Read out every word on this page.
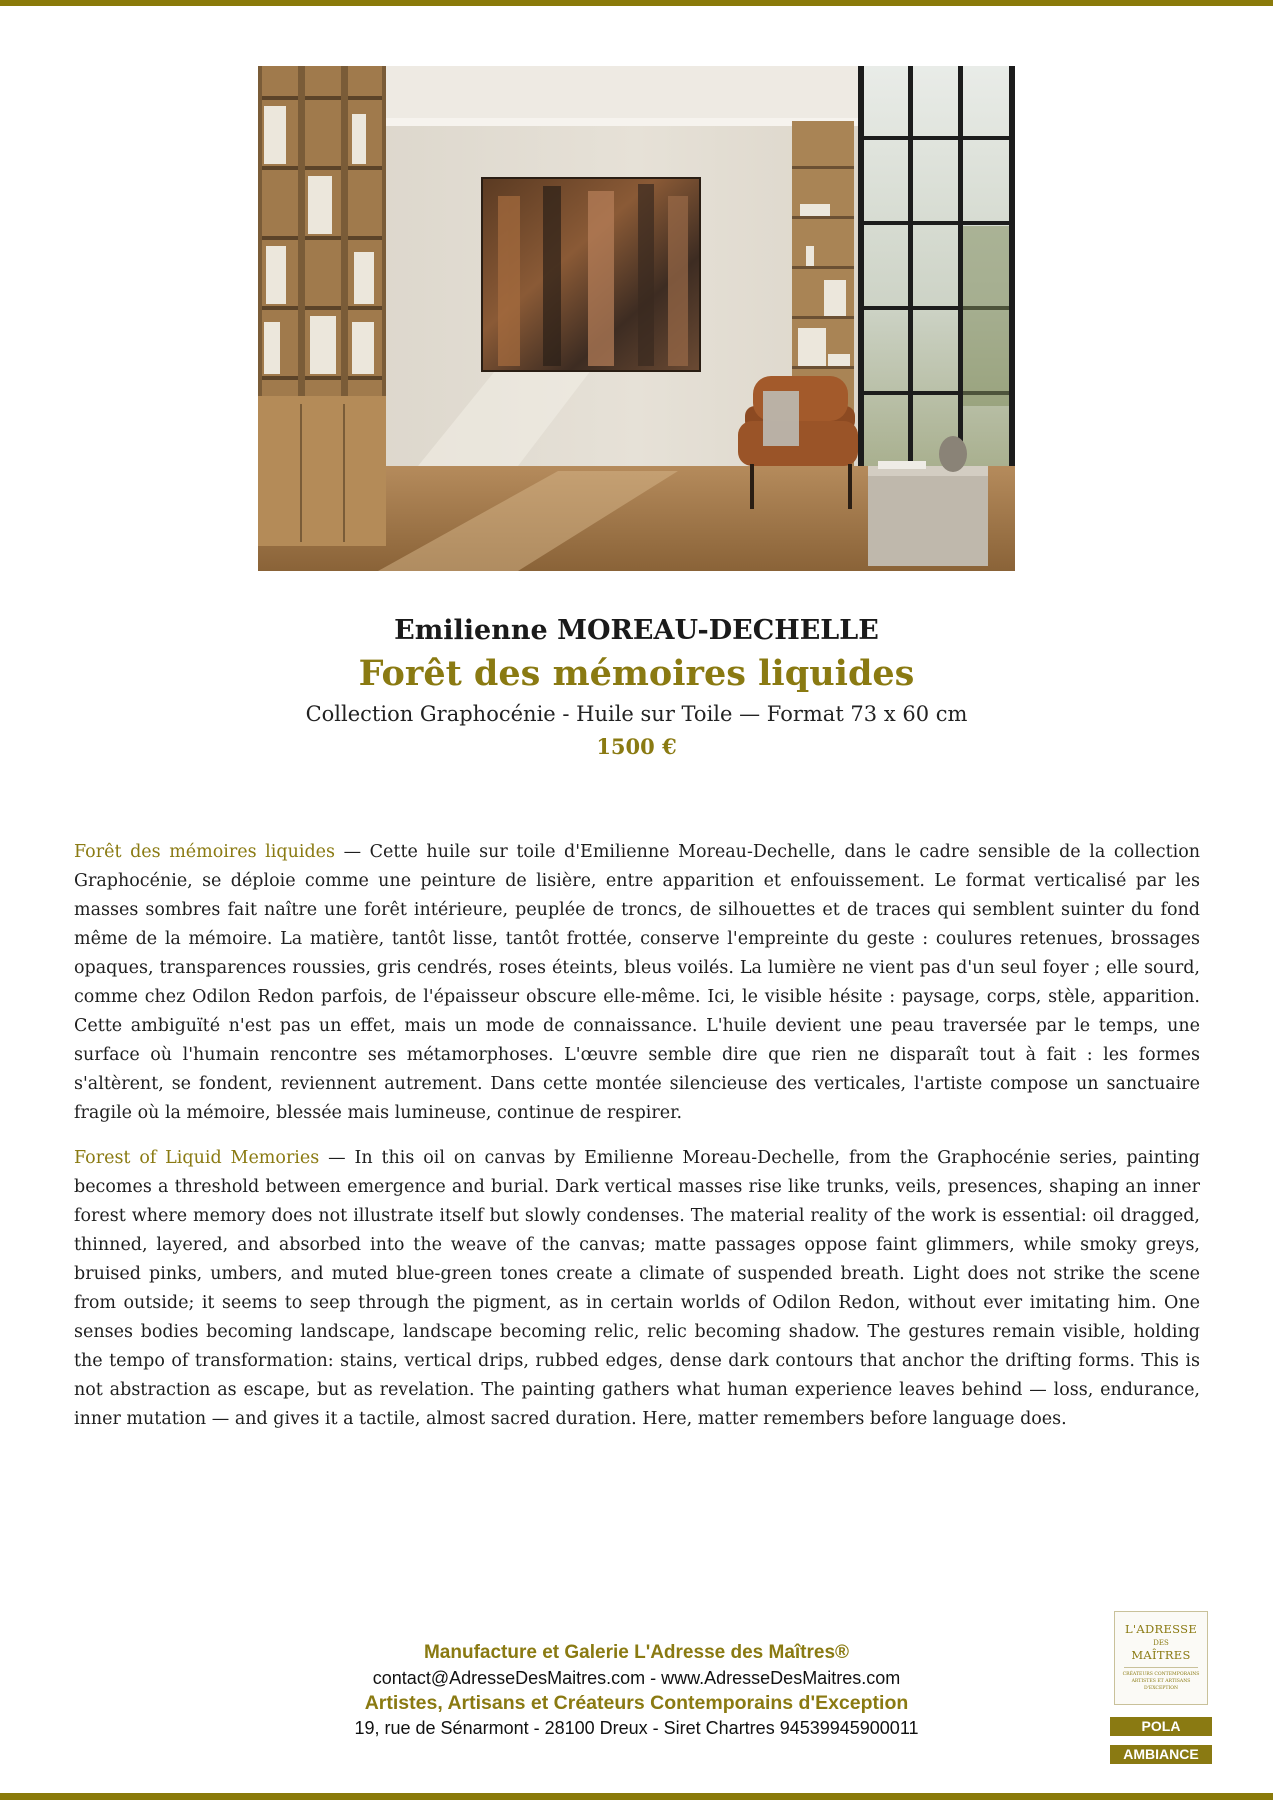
Emilienne MOREAU-DECHELLE
Forêt des mémoires liquides
Collection Graphocénie - Huile sur Toile — Format 73 x 60 cm
1500 €

Forêt des mémoires liquides — Cette huile sur toile d'Emilienne Moreau-Dechelle, dans le cadre sensible de la collection Graphocénie, se déploie comme une peinture de lisière, entre apparition et enfouissement. Le format verticalisé par les masses sombres fait naître une forêt intérieure, peuplée de troncs, de silhouettes et de traces qui semblent suinter du fond même de la mémoire. La matière, tantôt lisse, tantôt frottée, conserve l'empreinte du geste : coulures retenues, brossages opaques, transparences roussies, gris cendrés, roses éteints, bleus voilés. La lumière ne vient pas d'un seul foyer ; elle sourd, comme chez Odilon Redon parfois, de l'épaisseur obscure elle-même. Ici, le visible hésite : paysage, corps, stèle, apparition. Cette ambiguïté n'est pas un effet, mais un mode de connaissance. L'huile devient une peau traversée par le temps, une surface où l'humain rencontre ses métamorphoses. L'œuvre semble dire que rien ne disparaît tout à fait : les formes s'altèrent, se fondent, reviennent autrement. Dans cette montée silencieuse des verticales, l'artiste compose un sanctuaire fragile où la mémoire, blessée mais lumineuse, continue de respirer.

Forest of Liquid Memories — In this oil on canvas by Emilienne Moreau-Dechelle, from the Graphocénie series, painting becomes a threshold between emergence and burial. Dark vertical masses rise like trunks, veils, presences, shaping an inner forest where memory does not illustrate itself but slowly condenses. The material reality of the work is essential: oil dragged, thinned, layered, and absorbed into the weave of the canvas; matte passages oppose faint glimmers, while smoky greys, bruised pinks, umbers, and muted blue-green tones create a climate of suspended breath. Light does not strike the scene from outside; it seems to seep through the pigment, as in certain worlds of Odilon Redon, without ever imitating him. One senses bodies becoming landscape, landscape becoming relic, relic becoming shadow. The gestures remain visible, holding the tempo of transformation: stains, vertical drips, rubbed edges, dense dark contours that anchor the drifting forms. This is not abstraction as escape, but as revelation. The painting gathers what human experience leaves behind — loss, endurance, inner mutation — and gives it a tactile, almost sacred duration. Here, matter remembers before language does.

Manufacture et Galerie L'Adresse des Maîtres®
contact@AdresseDesMaitres.com - www.AdresseDesMaitres.com
Artistes, Artisans et Créateurs Contemporains d'Exception
19, rue de Sénarmont - 28100 Dreux - Siret Chartres 94539945900011
L'ADRESSE
DES
MAÎTRES
CRÉATEURS CONTEMPORAINS ARTISTES ET ARTISANS D'EXCEPTION
POLA
AMBIANCE
